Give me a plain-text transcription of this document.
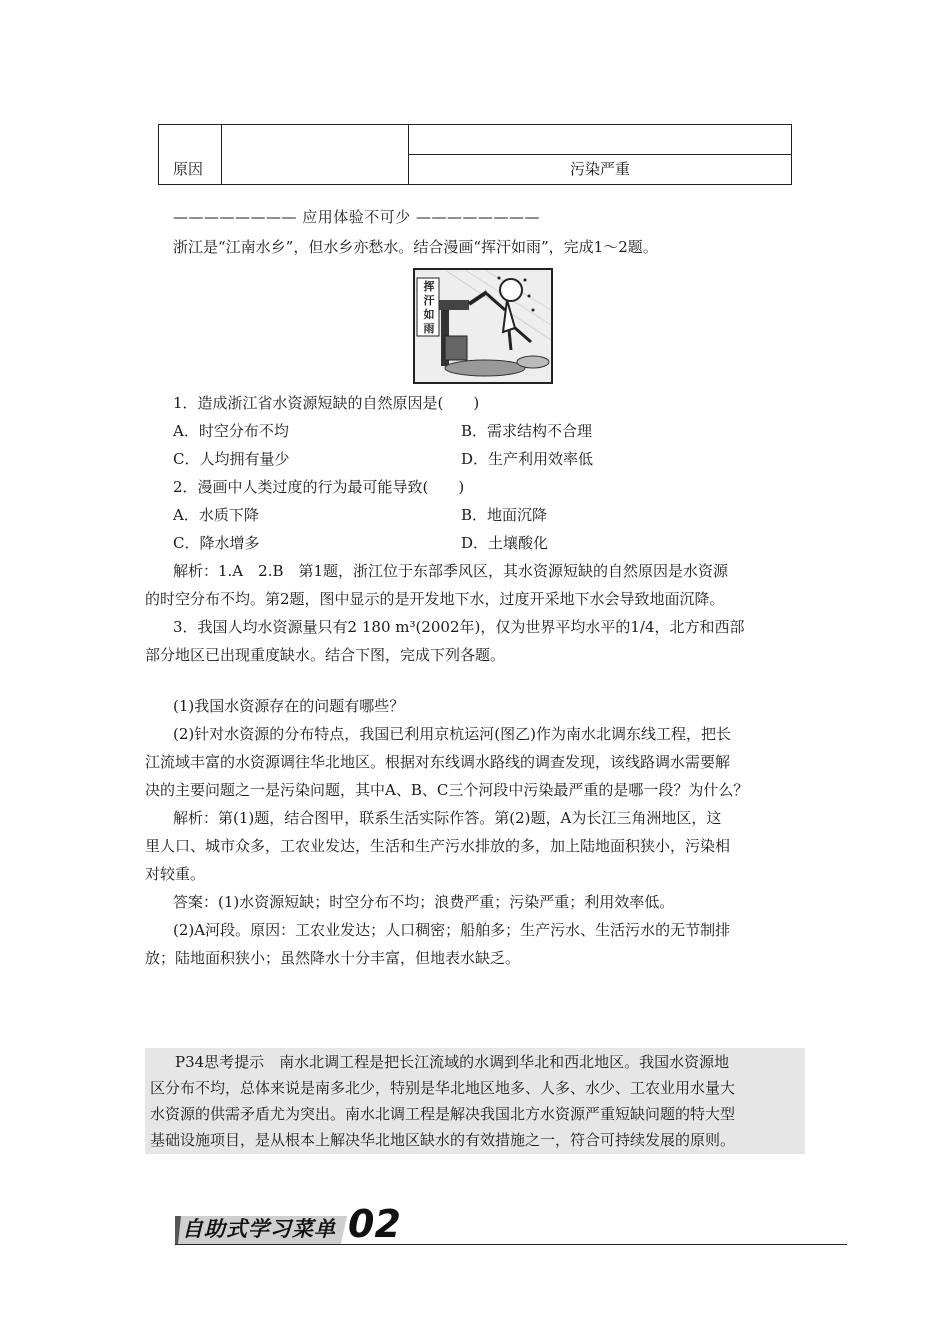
原因	污染严重
———————— 应用体验不可少 ————————
浙江是“江南水乡”，但水乡亦愁水。结合漫画“挥汗如雨”，完成1～2题。
挥
汗
如
雨
1．造成浙江省水资源短缺的自然原因是(　　)
A．时空分布不均	B．需求结构不合理
C．人均拥有量少	D．生产利用效率低
2．漫画中人类过度的行为最可能导致(　　)
A．水质下降	B．地面沉降
C．降水增多	D．土壤酸化
解析：1.A　2.B　第1题，浙江位于东部季风区，其水资源短缺的自然原因是水资源
的时空分布不均。第2题，图中显示的是开发地下水，过度开采地下水会导致地面沉降。
3．我国人均水资源量只有2 180 m³(2002年)，仅为世界平均水平的1/4，北方和西部
部分地区已出现重度缺水。结合下图，完成下列各题。
(1)我国水资源存在的问题有哪些？
(2)针对水资源的分布特点，我国已利用京杭运河(图乙)作为南水北调东线工程，把长
江流域丰富的水资源调往华北地区。根据对东线调水路线的调查发现，该线路调水需要解
决的主要问题之一是污染问题，其中A、B、C三个河段中污染最严重的是哪一段？为什么？
解析：第(1)题，结合图甲，联系生活实际作答。第(2)题，A为长江三角洲地区，这
里人口、城市众多，工农业发达，生活和生产污水排放的多，加上陆地面积狭小，污染相
对较重。
答案：(1)水资源短缺；时空分布不均；浪费严重；污染严重；利用效率低。
(2)A河段。原因：工农业发达；人口稠密；船舶多；生产污水、生活污水的无节制排
放；陆地面积狭小；虽然降水十分丰富，但地表水缺乏。
P34思考提示　南水北调工程是把长江流域的水调到华北和西北地区。我国水资源地
区分布不均，总体来说是南多北少，特别是华北地区地多、人多、水少、工农业用水量大
水资源的供需矛盾尤为突出。南水北调工程是解决我国北方水资源严重短缺问题的特大型
基础设施项目，是从根本上解决华北地区缺水的有效措施之一，符合可持续发展的原则。
自助式学习菜单 02
